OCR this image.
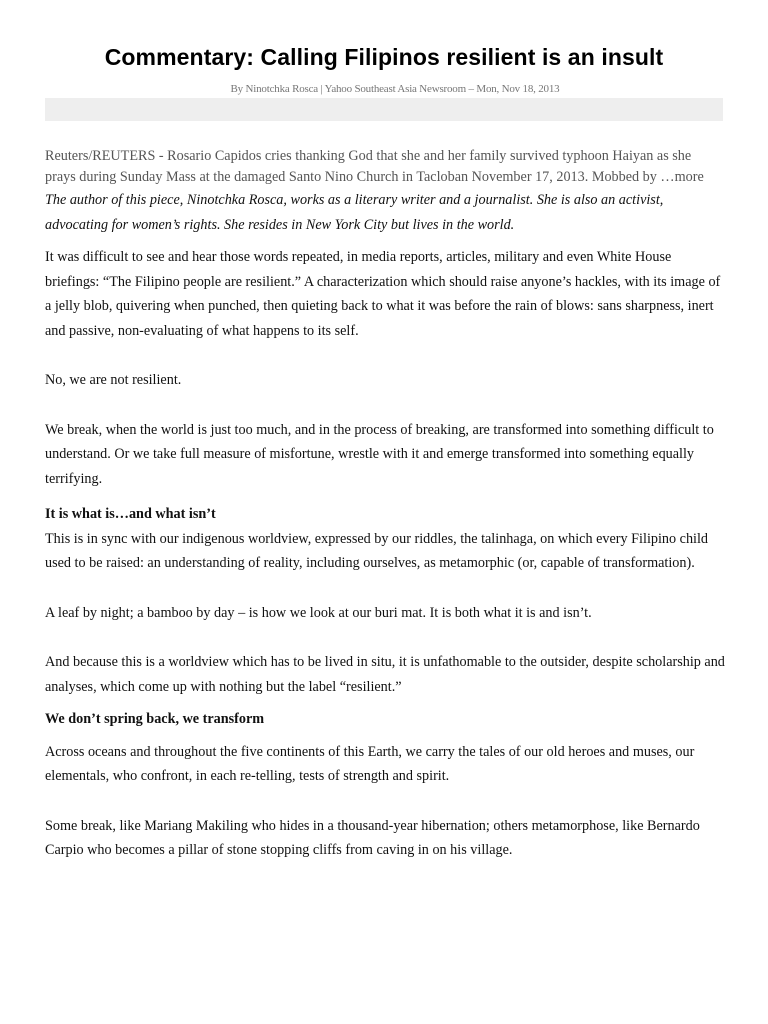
Commentary: Calling Filipinos resilient is an insult
By Ninotchka Rosca | Yahoo Southeast Asia Newsroom – Mon, Nov 18, 2013

Reuters/REUTERS - Rosario Capidos cries thanking God that she and her family survived typhoon Haiyan as she prays during Sunday Mass at the damaged Santo Nino Church in Tacloban November 17, 2013. Mobbed by …more

The author of this piece, Ninotchka Rosca, works as a literary writer and a journalist. She is also an activist, advocating for women’s rights. She resides in New York City but lives in the world.

It was difficult to see and hear those words repeated, in media reports, articles, military and even White House briefings: “The Filipino people are resilient.” A characterization which should raise anyone’s hackles, with its image of a jelly blob, quivering when punched, then quieting back to what it was before the rain of blows: sans sharpness, inert and passive, non-evaluating of what happens to its self.

No, we are not resilient.

We break, when the world is just too much, and in the process of breaking, are transformed into something difficult to understand. Or we take full measure of misfortune, wrestle with it and emerge transformed into something equally terrifying.

It is what is…and what isn’t

This is in sync with our indigenous worldview, expressed by our riddles, the talinhaga, on which every Filipino child used to be raised: an understanding of reality, including ourselves, as metamorphic (or, capable of transformation).

A leaf by night; a bamboo by day – is how we look at our buri mat. It is both what it is and isn’t.

And because this is a worldview which has to be lived in situ, it is unfathomable to the outsider, despite scholarship and analyses, which come up with nothing but the label “resilient.”

We don’t spring back, we transform

Across oceans and throughout the five continents of this Earth, we carry the tales of our old heroes and muses, our elementals, who confront, in each re-telling, tests of strength and spirit.

Some break, like Mariang Makiling who hides in a thousand-year hibernation; others metamorphose, like Bernardo Carpio who becomes a pillar of stone stopping cliffs from caving in on his village.
